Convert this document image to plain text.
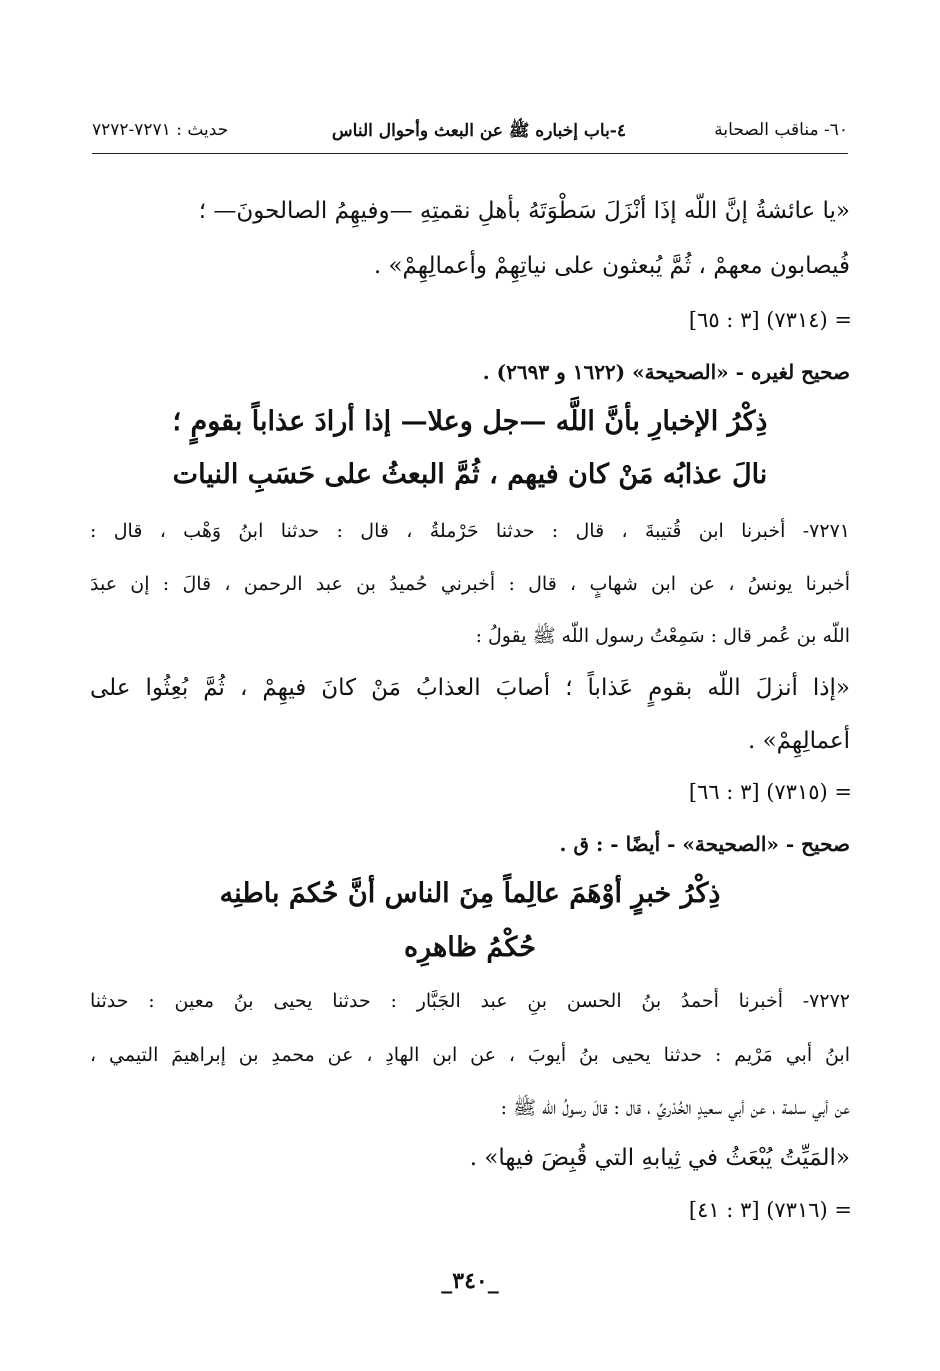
٦٠- مناقب الصحابة
٤-باب إخباره ﷺ عن البعث وأحوال الناس
حديث : ٧٢٧١-٧٢٧٢
«يا عائشةُ إنَّ اللّه إذَا أنْزَلَ سَطْوَتَهُ بأهلِ نقمتِهِ —وفيهِمُ الصالحونَ— ؛
فُيصابون معهمْ ، ثُمَّ يُبعثون على نياتِهِمْ وأعمالِهِمْ» .
= (٧٣١٤) [٣ : ٦٥]
صحيح لغيره - «الصحيحة» (١٦٢٢ و ٢٦٩٣) .
ذِكْرُ الإخبارِ بأنَّ اللَّه —جل وعلا— إذا أرادَ عذاباً بقومٍ ؛
نالَ عذابُه مَنْ كان فيهم ، ثُمَّ البعثُ على حَسَبِ النيات
٧٢٧١- أخبرنا ابن قُتيبةَ ، قال : حدثنا حَرْملةُ ، قال : حدثنا ابنُ وَهْب ، قال :
أخبرنا يونسُ ، عن ابن شهابٍ ، قال : أخبرني حُميدُ بن عبد الرحمن ، قالَ : إن عبدَ
اللّه بن عُمر قال : سَمِعْتُ رسول اللّه ﷺ يقولُ :
«إذا أنزلَ اللّه بقومٍ عَذاباً ؛ أصابَ العذابُ مَنْ كانَ فيهِمْ ، ثُمَّ بُعِثُوا على
أعمالِهِمْ» .
= (٧٣١٥) [٣ : ٦٦]
صحيح - «الصحيحة» - أيضًا - : ق .
ذِكْرُ خبرٍ أوْهَمَ عالِماً مِنَ الناس أنَّ حُكمَ باطنِه
حُكْمُ ظاهرِه
٧٢٧٢- أخبرنا أحمدُ بنُ الحسن بنِ عبد الجَبَّار : حدثنا يحيى بنُ معين : حدثنا
ابنُ أبي مَرْيم : حدثنا يحيى بنُ أيوبَ ، عن ابن الهادِ ، عن محمدِ بن إبراهيمَ التيمي ،
عن أبي سلمة ، عن أبي سعيدٍ الخُدْريِّ ، قال : قالَ رسولُ اللّه ﷺ :
«المَيِّتُ يُبْعَثُ في ثِيابهِ التي قُبِضَ فيها» .
= (٧٣١٦) [٣ : ٤١]
_٣٤٠_
